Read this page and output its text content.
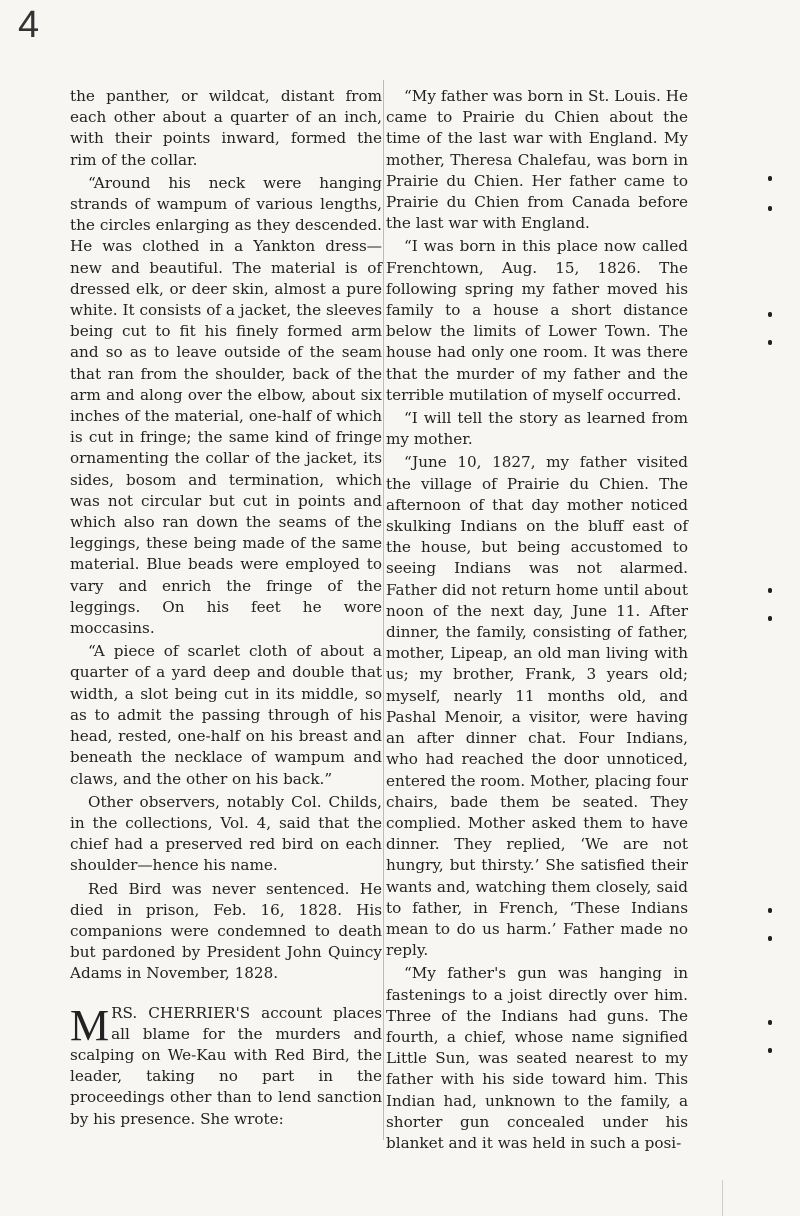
4

the panther, or wildcat, distant from each other about a quarter of an inch, with their points inward, formed the rim of the collar.

“Around his neck were hanging strands of wampum of various lengths, the circles enlarging as they descended. He was clothed in a Yankton dress—new and beautiful. The material is of dressed elk, or deer skin, almost a pure white. It consists of a jacket, the sleeves being cut to fit his finely formed arm and so as to leave outside of the seam that ran from the shoulder, back of the arm and along over the elbow, about six inches of the material, one-half of which is cut in fringe; the same kind of fringe ornamenting the collar of the jacket, its sides, bosom and termination, which was not circular but cut in points and which also ran down the seams of the leggings, these being made of the same material. Blue beads were employed to vary and enrich the fringe of the leggings. On his feet he wore moccasins.

“A piece of scarlet cloth of about a quarter of a yard deep and double that width, a slot being cut in its middle, so as to admit the passing through of his head, rested, one-half on his breast and beneath the necklace of wampum and claws, and the other on his back.”

Other observers, notably Col. Childs, in the collections, Vol. 4, said that the chief had a preserved red bird on each shoulder—hence his name.

Red Bird was never sentenced. He died in prison, Feb. 16, 1828. His companions were condemned to death but pardoned by President John Quincy Adams in November, 1828.

MRS. CHERRIER'S account places all blame for the murders and scalping on We-Kau with Red Bird, the leader, taking no part in the proceedings other than to lend sanction by his presence. She wrote:

“My father was born in St. Louis. He came to Prairie du Chien about the time of the last war with England. My mother, Theresa Chalefau, was born in Prairie du Chien. Her father came to Prairie du Chien from Canada before the last war with England.

“I was born in this place now called Frenchtown, Aug. 15, 1826. The following spring my father moved his family to a house a short distance below the limits of Lower Town. The house had only one room. It was there that the murder of my father and the terrible mutilation of myself occurred.

“I will tell the story as learned from my mother.

“June 10, 1827, my father visited the village of Prairie du Chien. The afternoon of that day mother noticed skulking Indians on the bluff east of the house, but being accustomed to seeing Indians was not alarmed. Father did not return home until about noon of the next day, June 11. After dinner, the family, consisting of father, mother, Lipeap, an old man living with us; my brother, Frank, 3 years old; myself, nearly 11 months old, and Pashal Menoir, a visitor, were having an after dinner chat. Four Indians, who had reached the door unnoticed, entered the room. Mother, placing four chairs, bade them be seated. They complied. Mother asked them to have dinner. They replied, ‘We are not hungry, but thirsty.’ She satisfied their wants and, watching them closely, said to father, in French, ‘These Indians mean to do us harm.’ Father made no reply.

“My father's gun was hanging in fastenings to a joist directly over him. Three of the Indians had guns. The fourth, a chief, whose name signified Little Sun, was seated nearest to my father with his side toward him. This Indian had, unknown to the family, a shorter gun concealed under his blanket and it was held in such a posi-
